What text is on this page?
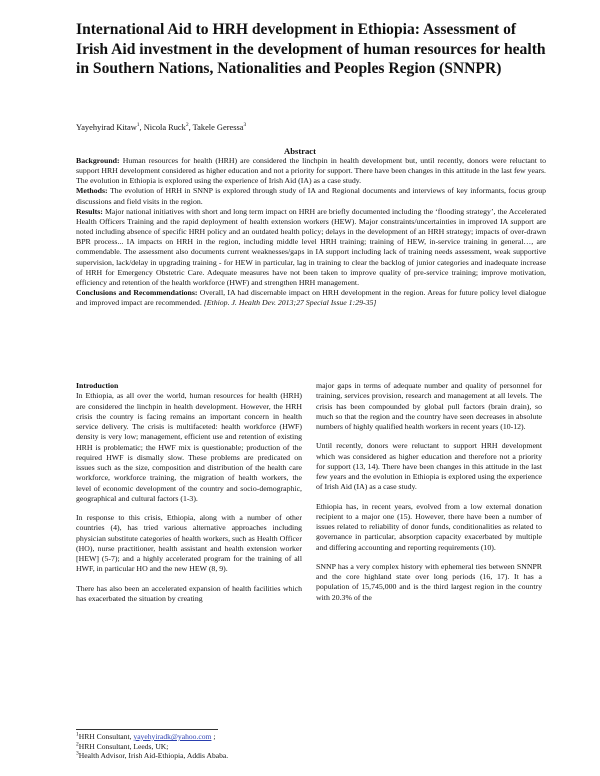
International Aid to HRH development in Ethiopia: Assessment of Irish Aid investment in the development of human resources for health in Southern Nations, Nationalities and Peoples Region (SNNPR)
Yayehyirad Kitaw$^1$, Nicola Ruck$^2$, Takele Geressa$^3$
Abstract

Background: Human resources for health (HRH) are considered the linchpin in health development but, until recently, donors were reluctant to support HRH development considered as higher education and not a priority for support. There have been changes in this attitude in the last few years. The evolution in Ethiopia is explored using the experience of Irish Aid (IA) as a case study.

Methods: The evolution of HRH in SNNP is explored through study of IA and Regional documents and interviews of key informants, focus group discussions and field visits in the region.

Results: Major national initiatives with short and long term impact on HRH are briefly documented including the ‘flooding strategy’, the Accelerated Health Officers Training and the rapid deployment of health extension workers (HEW). Major constraints/uncertainties in improved IA support are noted including absence of specific HRH policy and an outdated health policy; delays in the development of an HRH strategy; impacts of over-drawn BPR process... IA impacts on HRH in the region, including middle level HRH training; training of HEW, in-service training in general…, are commendable. The assessment also documents current weaknesses/gaps in IA support including lack of training needs assessment, weak supportive supervision, lack/delay in upgrading training - for HEW in particular, lag in training to clear the backlog of junior categories and inadequate increase of HRH for Emergency Obstetric Care. Adequate measures have not been taken to improve quality of pre-service training; improve motivation, efficiency and retention of the health workforce (HWF) and strengthen HRH management.

Conclusions and Recommendations: Overall, IA had discernable impact on HRH development in the region. Areas for future policy level dialogue and improved impact are recommended. [Ethiop. J. Health Dev. 2013;27 Special Issue 1:29-35]

Introduction

In Ethiopia, as all over the world, human resources for health (HRH) are considered the linchpin in health development. However, the HRH crisis the country is facing remains an important concern in health service delivery. The crisis is multifaceted: health workforce (HWF) density is very low; management, efficient use and retention of existing HRH is problematic; the HWF mix is questionable; production of the required HWF is dismally slow. These problems are predicated on issues such as the size, composition and distribution of the health care workforce, workforce training, the migration of health workers, the level of economic development of the country and socio-demographic, geographical and cultural factors (1-3).

In response to this crisis, Ethiopia, along with a number of other countries (4), has tried various alternative approaches including physician substitute categories of health workers, such as Health Officer (HO), nurse practitioner, health assistant and health extension worker [HEW] (5-7); and a highly accelerated program for the training of all HWF, in particular HO and the new HEW (8, 9).

There has also been an accelerated expansion of health facilities which has exacerbated the situation by creating

major gaps in terms of adequate number and quality of personnel for training, services provision, research and management at all levels. The crisis has been compounded by global pull factors (brain drain), so much so that the region and the country have seen decreases in absolute numbers of highly qualified health workers in recent years (10-12).

Until recently, donors were reluctant to support HRH development which was considered as higher education and therefore not a priority for support (13, 14). There have been changes in this attitude in the last few years and the evolution in Ethiopia is explored using the experience of Irish Aid (IA) as a case study.

Ethiopia has, in recent years, evolved from a low external donation recipient to a major one (15). However, there have been a number of issues related to reliability of donor funds, conditionalities as related to governance in particular, absorption capacity exacerbated by multiple and differing accounting and reporting requirements (10).

SNNP has a very complex history with ephemeral ties between SNNPR and the core highland state over long periods (16, 17). It has a population of 15,745,000 and is the third largest region in the country with 20.3% of the

$^1$HRH Consultant, yayehyiradk@yahoo.com ;

$^2$HRH Consultant, Leeds, UK;

$^3$Health Advisor, Irish Aid-Ethiopia, Addis Ababa.
